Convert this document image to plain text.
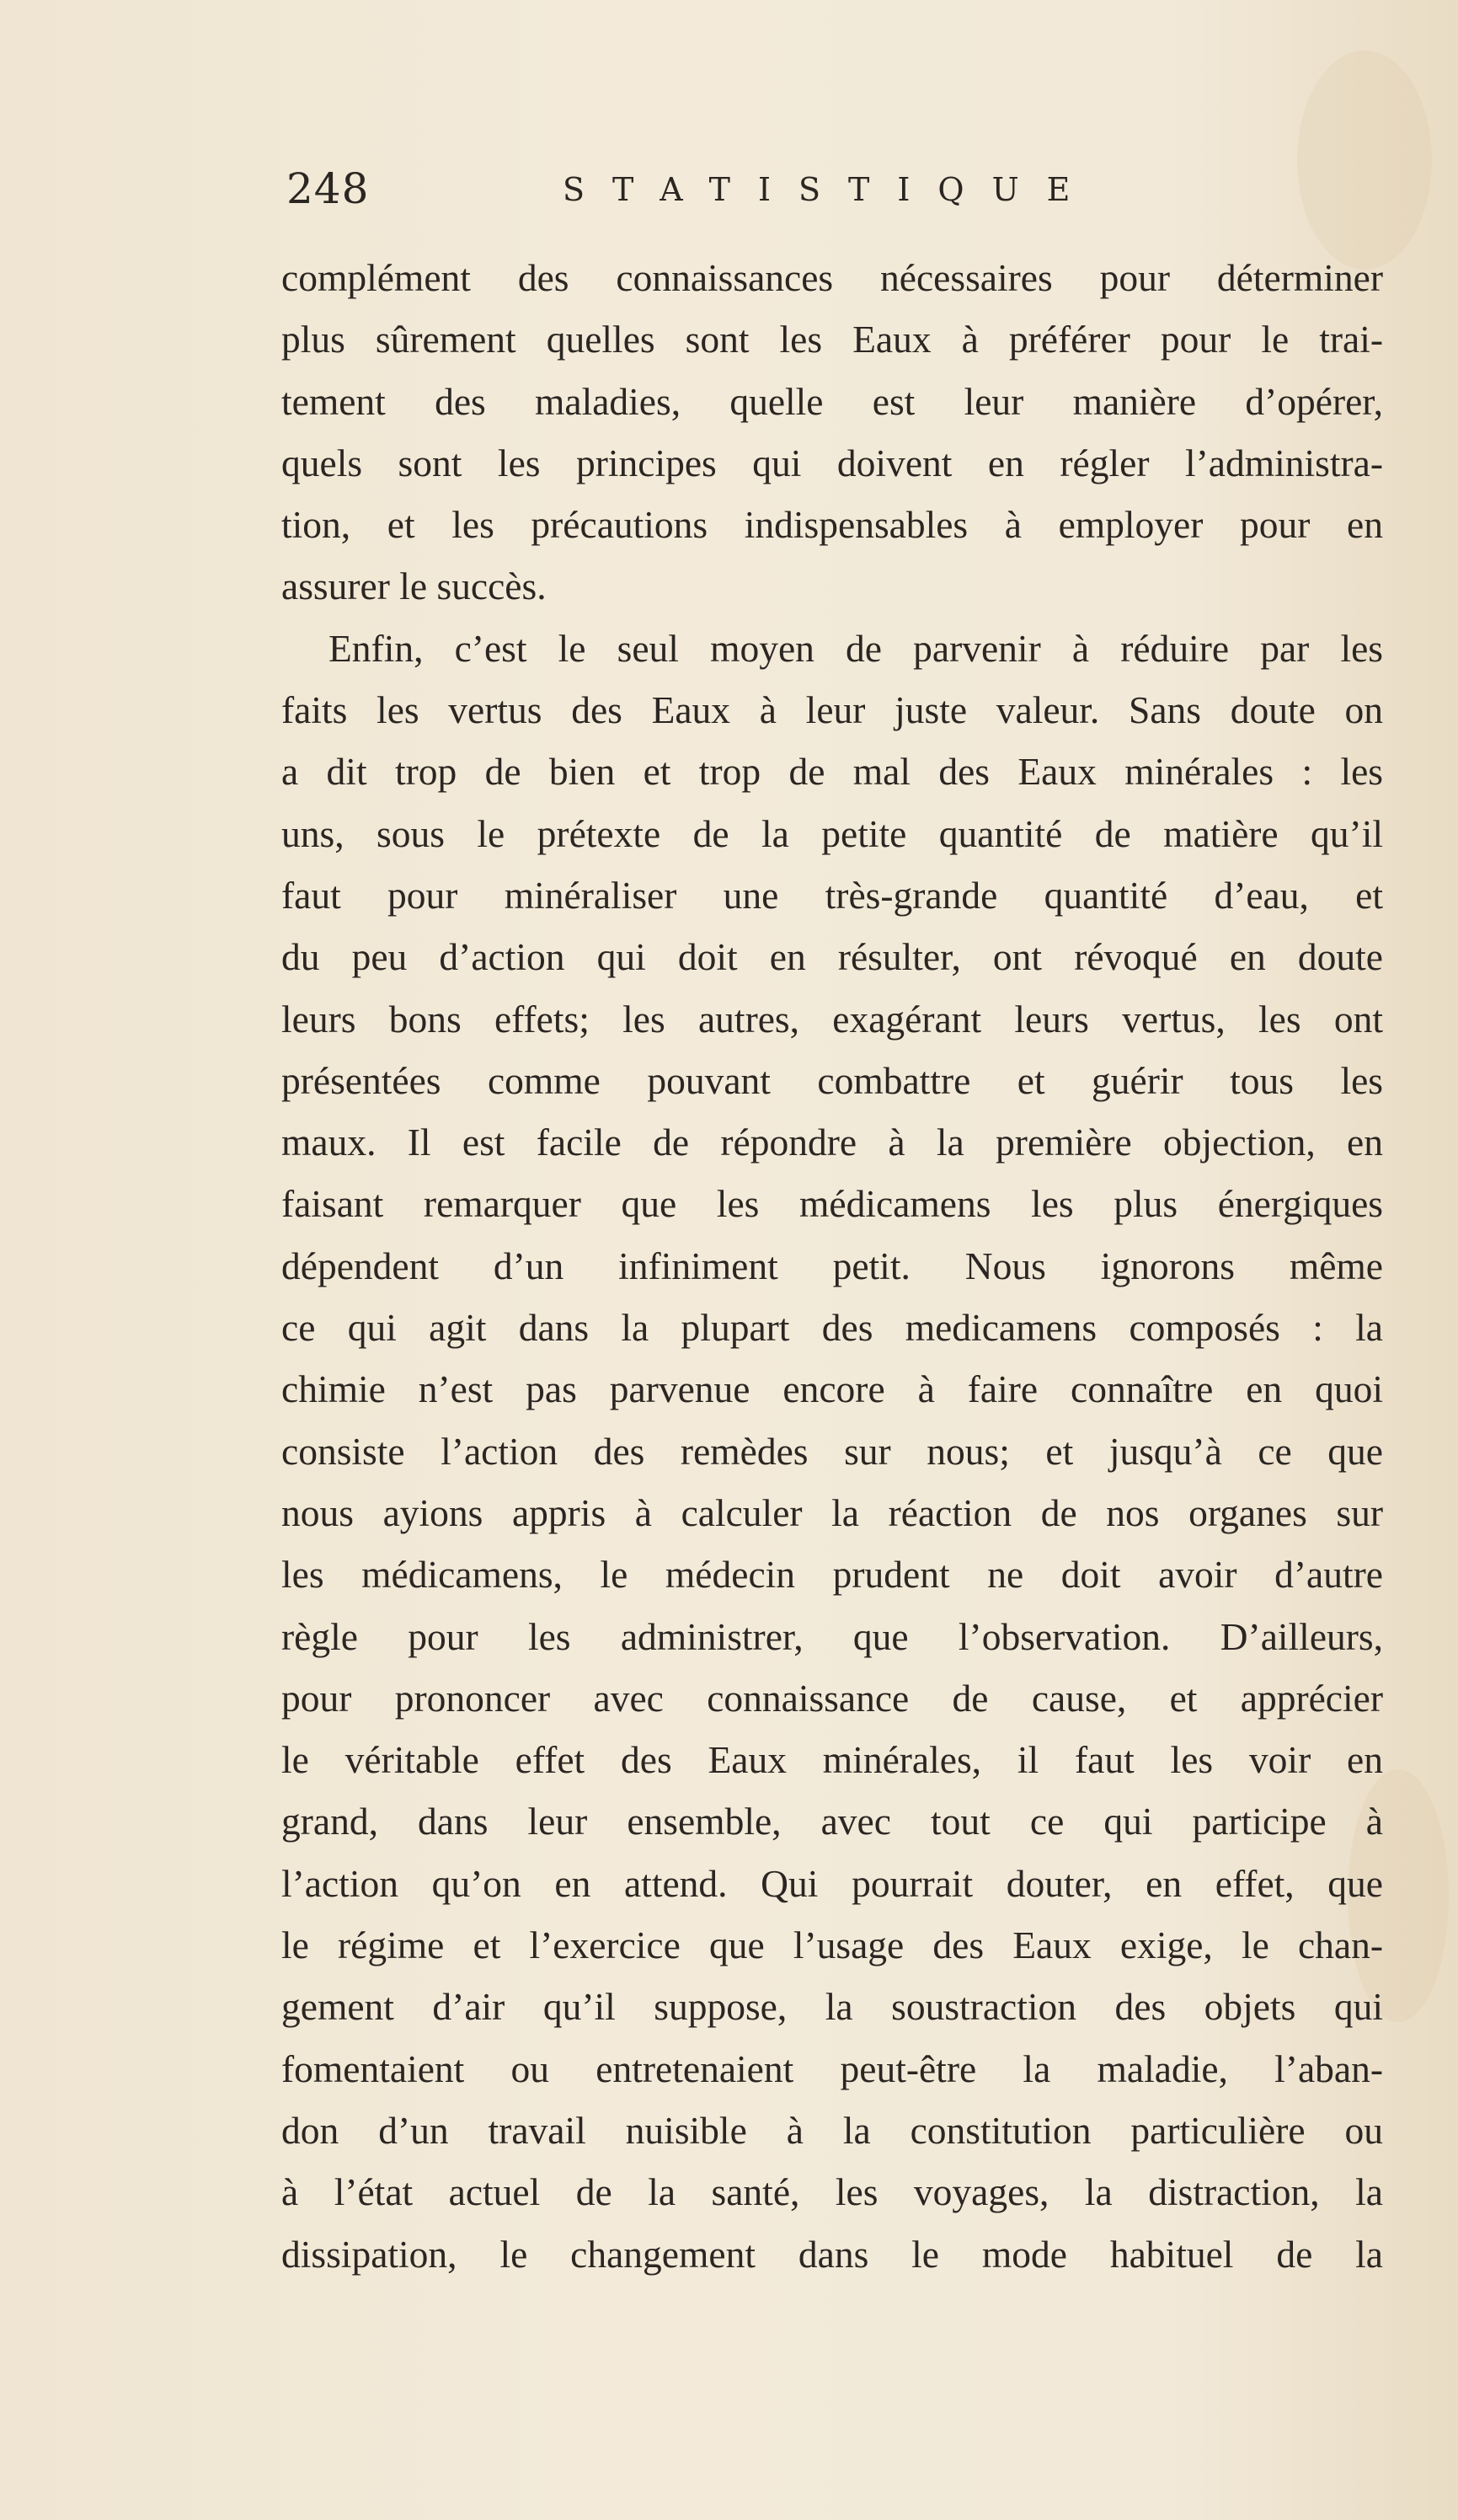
248	STATISTIQUE
complément des connaissances nécessaires pour déterminer
plus sûrement quelles sont les Eaux à préférer pour le trai-
tement des maladies, quelle est leur manière d’opérer,
quels sont les principes qui doivent en régler l’administra-
tion, et les précautions indispensables à employer pour en
assurer le succès.
Enfin, c’est le seul moyen de parvenir à réduire par les
faits les vertus des Eaux à leur juste valeur. Sans doute on
a dit trop de bien et trop de mal des Eaux minérales : les
uns, sous le prétexte de la petite quantité de matière qu’il
faut pour minéraliser une très-grande quantité d’eau, et
du peu d’action qui doit en résulter, ont révoqué en doute
leurs bons effets; les autres, exagérant leurs vertus, les ont
présentées comme pouvant combattre et guérir tous les
maux. Il est facile de répondre à la première objection, en
faisant remarquer que les médicamens les plus énergiques
dépendent d’un infiniment petit. Nous ignorons même
ce qui agit dans la plupart des medicamens composés : la
chimie n’est pas parvenue encore à faire connaître en quoi
consiste l’action des remèdes sur nous; et jusqu’à ce que
nous ayions appris à calculer la réaction de nos organes sur
les médicamens, le médecin prudent ne doit avoir d’autre
règle pour les administrer, que l’observation. D’ailleurs,
pour prononcer avec connaissance de cause, et apprécier
le véritable effet des Eaux minérales, il faut les voir en
grand, dans leur ensemble, avec tout ce qui participe à
l’action qu’on en attend. Qui pourrait douter, en effet, que
le régime et l’exercice que l’usage des Eaux exige, le chan-
gement d’air qu’il suppose, la soustraction des objets qui
fomentaient ou entretenaient peut-être la maladie, l’aban-
don d’un travail nuisible à la constitution particulière ou
à l’état actuel de la santé, les voyages, la distraction, la
dissipation, le changement dans le mode habituel de la
